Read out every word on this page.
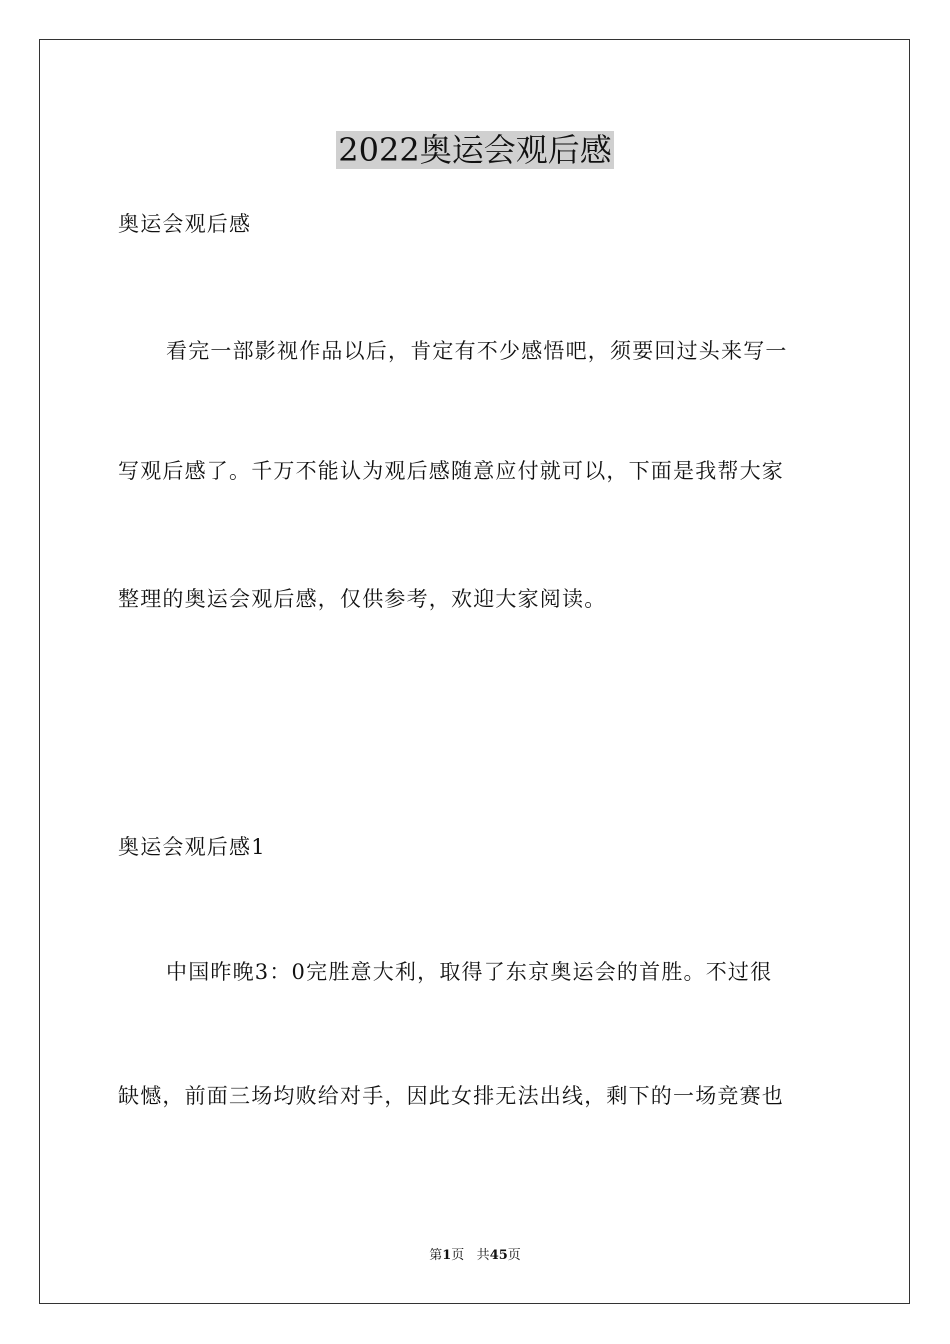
2022奥运会观后感
奥运会观后感
看完一部影视作品以后，肯定有不少感悟吧，须要回过头来写一
写观后感了。千万不能认为观后感随意应付就可以，下面是我帮大家
整理的奥运会观后感，仅供参考，欢迎大家阅读。
奥运会观后感1
中国昨晚3：0完胜意大利，取得了东京奥运会的首胜。不过很
缺憾，前面三场均败给对手，因此女排无法出线，剩下的一场竞赛也
第1页 共45页
